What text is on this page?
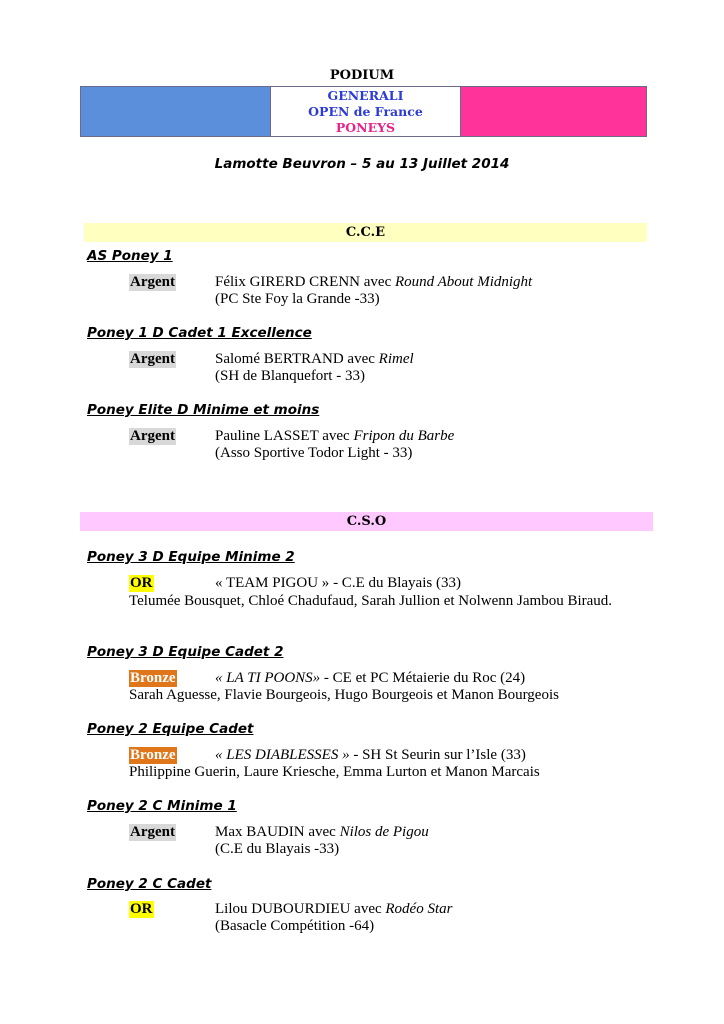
PODIUM
GENERALI
OPEN de France
PONEYS
Lamotte Beuvron – 5 au 13 Juillet 2014
C.C.E
AS Poney 1
Argent	Félix GIRERD CRENN avec Round About Midnight
(PC Ste Foy la Grande -33)
Poney 1 D Cadet 1 Excellence
Argent	Salomé BERTRAND avec Rimel
(SH de Blanquefort - 33)
Poney Elite D Minime et moins
Argent	Pauline LASSET avec Fripon du Barbe
(Asso Sportive Todor Light - 33)
C.S.O
Poney 3 D Equipe Minime 2
OR	« TEAM PIGOU » - C.E du Blayais (33)
Telumée Bousquet, Chloé Chadufaud, Sarah Jullion et Nolwenn Jambou Biraud.
Poney 3 D Equipe Cadet 2
Bronze	« LA TI POONS» - CE et PC Métaierie du Roc (24)
Sarah Aguesse, Flavie Bourgeois, Hugo Bourgeois et Manon Bourgeois
Poney 2 Equipe Cadet
Bronze	« LES DIABLESSES » - SH St Seurin sur l’Isle (33)
Philippine Guerin, Laure Kriesche, Emma Lurton et Manon Marcais
Poney 2 C Minime 1
Argent	Max BAUDIN avec Nilos de Pigou
(C.E du Blayais -33)
Poney 2 C Cadet
OR	Lilou DUBOURDIEU avec Rodéo Star
(Basacle Compétition -64)
